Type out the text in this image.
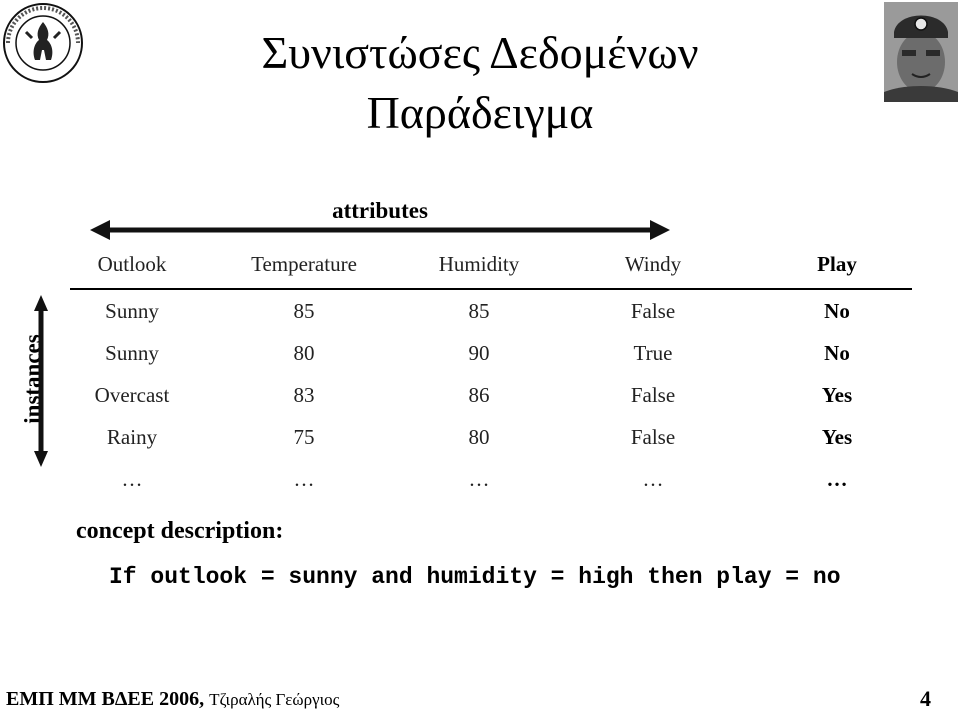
Συνιστώσες Δεδομένων
Παράδειγμα
attributes
instances
Outlook	Temperature	Humidity	Windy	Play
Sunny	85	85	False	No
Sunny	80	90	True	No
Overcast	83	86	False	Yes
Rainy	75	80	False	Yes
…	…	…	…	…
concept description:
If outlook = sunny and humidity = high then play = no
ΕΜΠ ΜΜ ΒΔΕΕ 2006, Τζιραλής Γεώργιος	4
